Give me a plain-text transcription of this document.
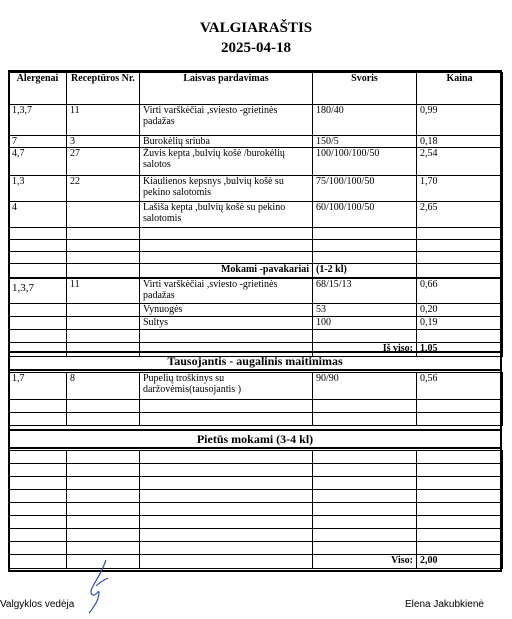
VALGIARAŠTIS
2025-04-18
Alergenai	Receptūros Nr.	Laisvas pardavimas	Svoris	Kaina
1,3,7	11	Virti varškėčiai ,sviesto -grietinės padažas	180/40	0,99
7	3	Burokėlių sriuba	150/5	0,18
4,7	27	Žuvis kepta ,bulvių košė /burokėlių salotos	100/100/100/50	2,54
1,3	22	Kiaulienos kepsnys ,bulvių košė su pekino salotomis	75/100/100/50	1,70
4		Lašiša kepta ,bulvių košė su pekino salotomis	60/100/100/50	2,65

		Mokami -pavakariai	(1-2 kl)	
1,3,7	11	Virti varškėčiai ,sviesto -grietinės padažas	68/15/13	0,66
		Vynuogės	53	0,20
		Sultys	100	0,19

			Iš viso:	1,05
Tausojantis - augalinis maitinimas
1,7	8	Pupelių troškinys su daržovėmis(tausojantis )	90/90	0,56

Pietūs mokami (3-4 kl)

			Viso:	2,00
Valgyklos vedėja	Elena Jakubkienė
